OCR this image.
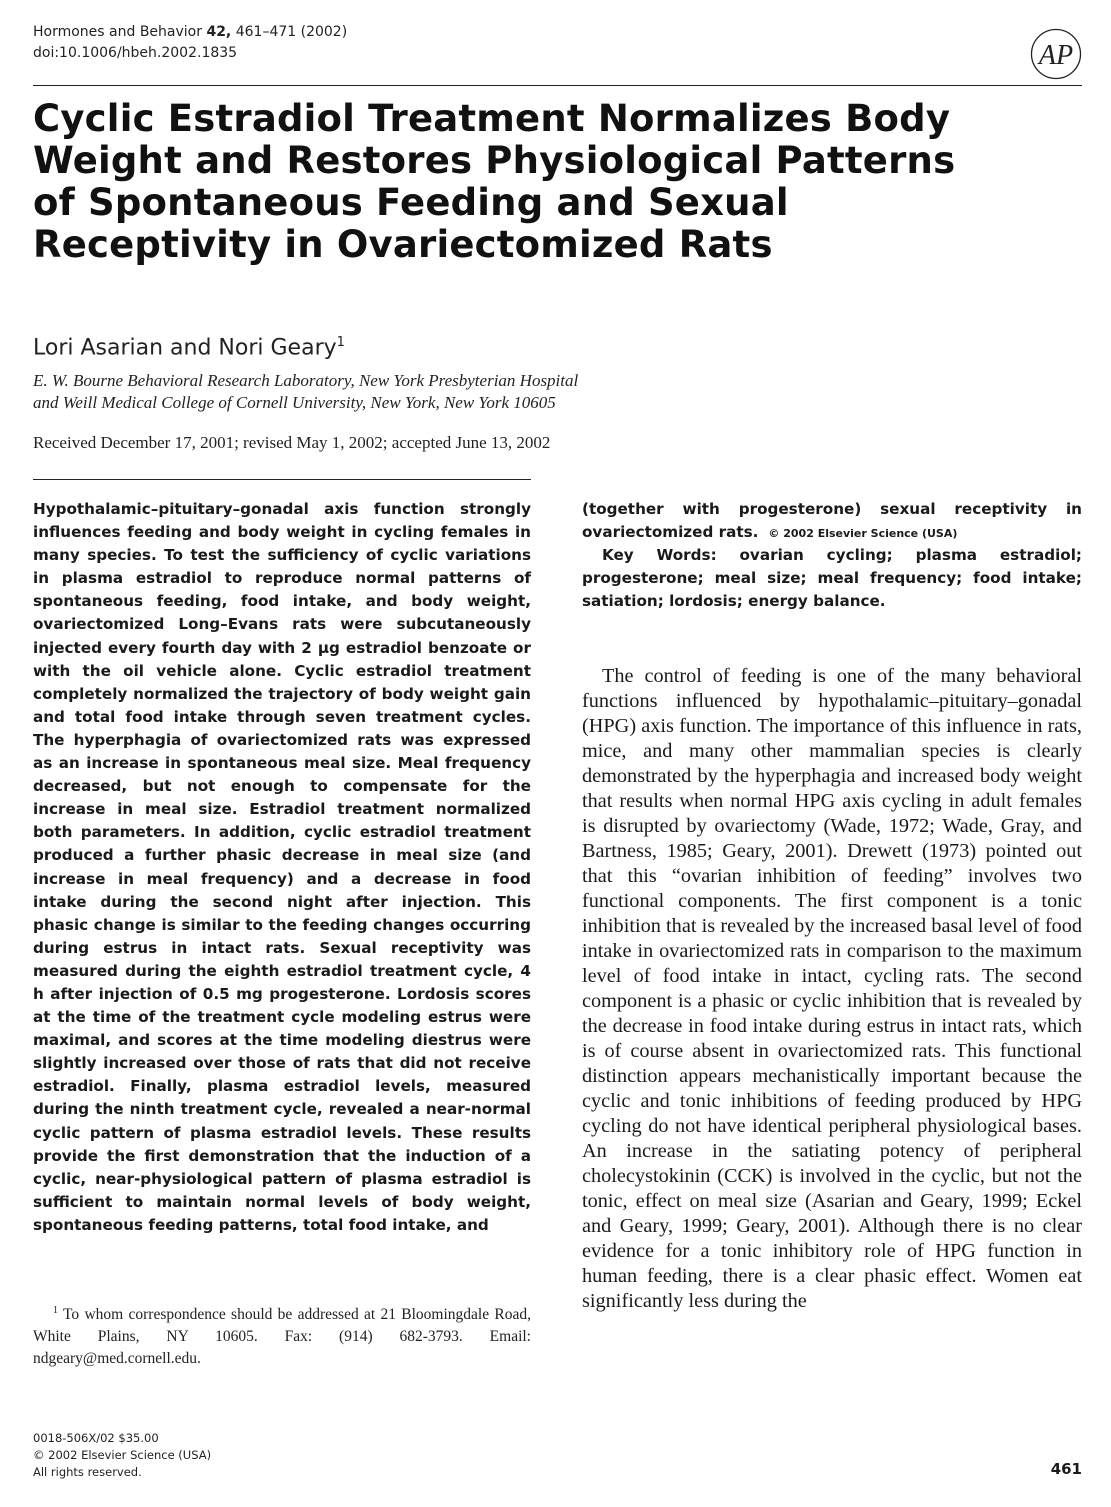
Hormones and Behavior 42, 461–471 (2002)
doi:10.1006/hbeh.2002.1835	AP
Cyclic Estradiol Treatment Normalizes Body Weight and Restores Physiological Patterns of Spontaneous Feeding and Sexual Receptivity in Ovariectomized Rats
Lori Asarian and Nori Geary$^1$
E. W. Bourne Behavioral Research Laboratory, New York Presbyterian Hospital
and Weill Medical College of Cornell University, New York, New York 10605
Received December 17, 2001; revised May 1, 2002; accepted June 13, 2002

Hypothalamic–pituitary–gonadal axis function strongly influences feeding and body weight in cycling females in many species. To test the sufficiency of cyclic variations in plasma estradiol to reproduce normal patterns of spontaneous feeding, food intake, and body weight, ovariectomized Long–Evans rats were subcutaneously injected every fourth day with 2 μg estradiol benzoate or with the oil vehicle alone. Cyclic estradiol treatment completely normalized the trajectory of body weight gain and total food intake through seven treatment cycles. The hyperphagia of ovariectomized rats was expressed as an increase in spontaneous meal size. Meal frequency decreased, but not enough to compensate for the increase in meal size. Estradiol treatment normalized both parameters. In addition, cyclic estradiol treatment produced a further phasic decrease in meal size (and increase in meal frequency) and a decrease in food intake during the second night after injection. This phasic change is similar to the feeding changes occurring during estrus in intact rats. Sexual receptivity was measured during the eighth estradiol treatment cycle, 4 h after injection of 0.5 mg progesterone. Lordosis scores at the time of the treatment cycle modeling estrus were maximal, and scores at the time modeling diestrus were slightly increased over those of rats that did not receive estradiol. Finally, plasma estradiol levels, measured during the ninth treatment cycle, revealed a near-normal cyclic pattern of plasma estradiol levels. These results provide the first demonstration that the induction of a cyclic, near-physiological pattern of plasma estradiol is sufficient to maintain normal levels of body weight, spontaneous feeding patterns, total food intake, and

(together with progesterone) sexual receptivity in ovariectomized rats. © 2002 Elsevier Science (USA)

Key Words: ovarian cycling; plasma estradiol; progesterone; meal size; meal frequency; food intake; satiation; lordosis; energy balance.

The control of feeding is one of the many behavioral functions influenced by hypothalamic–pituitary–gonadal (HPG) axis function. The importance of this influence in rats, mice, and many other mammalian species is clearly demonstrated by the hyperphagia and increased body weight that results when normal HPG axis cycling in adult females is disrupted by ovariectomy (Wade, 1972; Wade, Gray, and Bartness, 1985; Geary, 2001). Drewett (1973) pointed out that this “ovarian inhibition of feeding” involves two functional components. The first component is a tonic inhibition that is revealed by the increased basal level of food intake in ovariectomized rats in comparison to the maximum level of food intake in intact, cycling rats. The second component is a phasic or cyclic inhibition that is revealed by the decrease in food intake during estrus in intact rats, which is of course absent in ovariectomized rats. This functional distinction appears mechanistically important because the cyclic and tonic inhibitions of feeding produced by HPG cycling do not have identical peripheral physiological bases. An increase in the satiating potency of peripheral cholecystokinin (CCK) is involved in the cyclic, but not the tonic, effect on meal size (Asarian and Geary, 1999; Eckel and Geary, 1999; Geary, 2001). Although there is no clear evidence for a tonic inhibitory role of HPG function in human feeding, there is a clear phasic effect. Women eat significantly less during the

$^1$ To whom correspondence should be addressed at 21 Bloomingdale Road, White Plains, NY 10605. Fax: (914) 682-3793. Email: ndgeary@med.cornell.edu.

0018-506X/02 $35.00
© 2002 Elsevier Science (USA)
All rights reserved.	461
